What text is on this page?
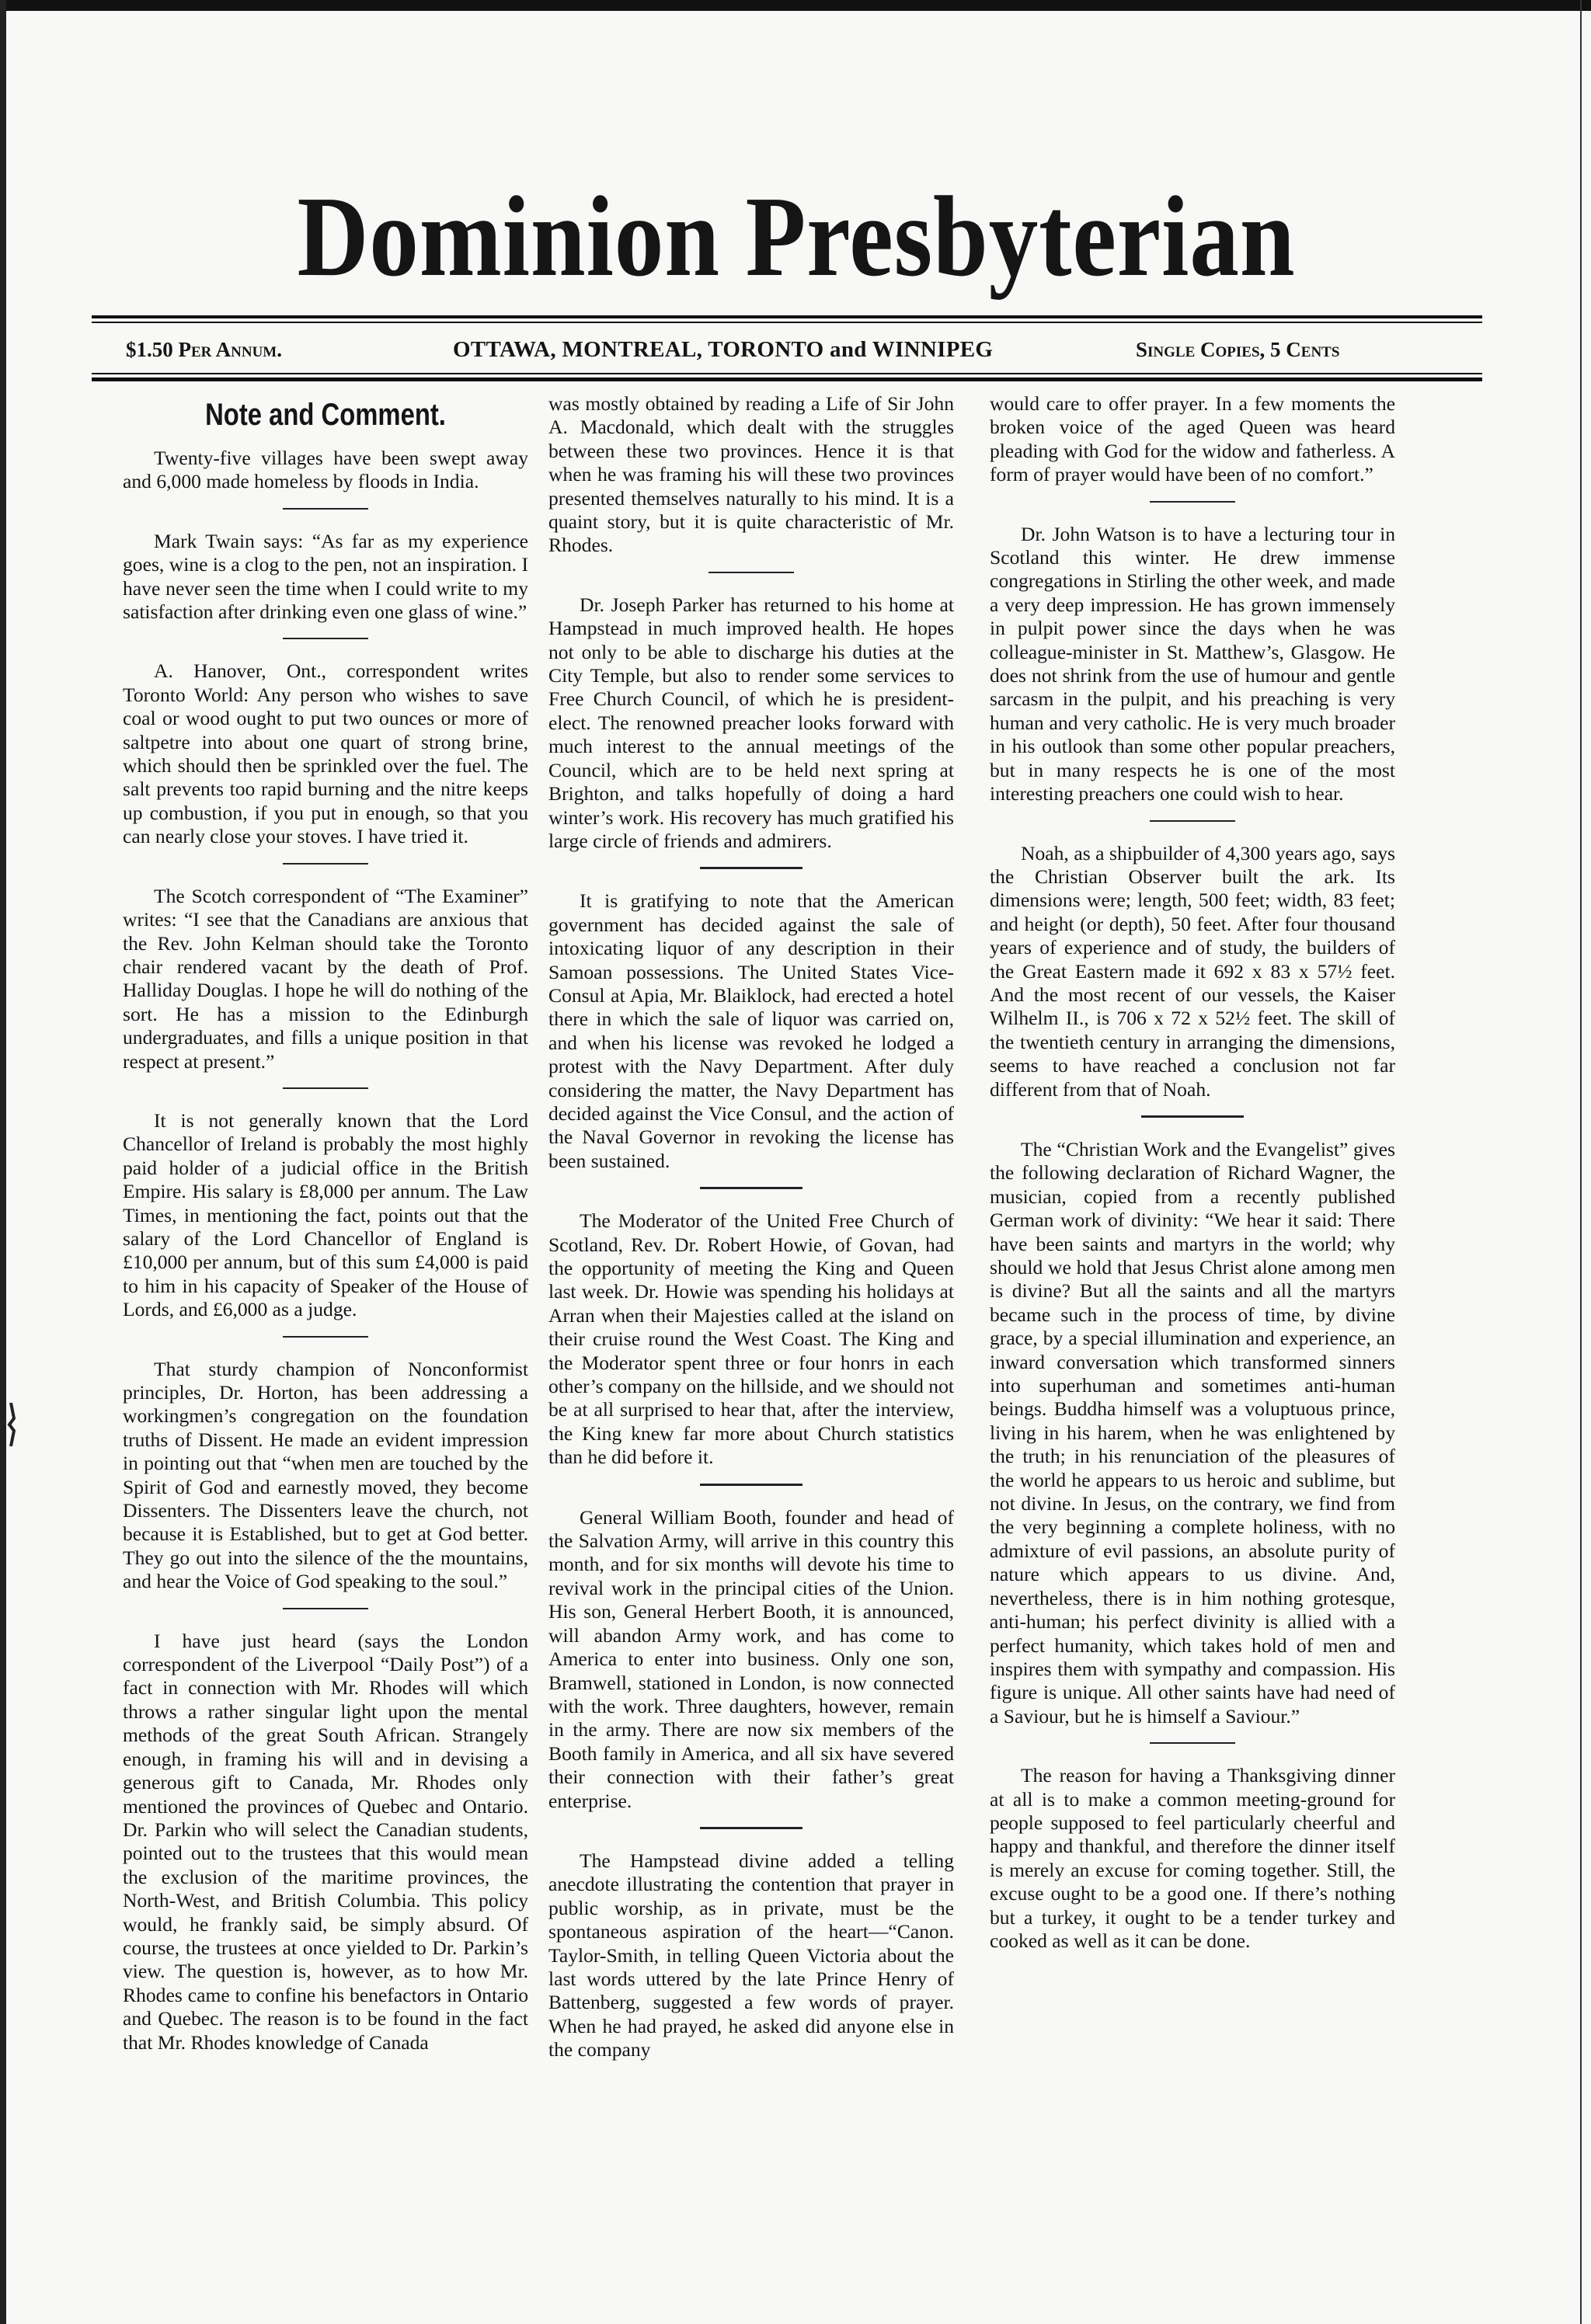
Dominion Presbyterian
$1.50 Per Annum.	OTTAWA, MONTREAL, TORONTO and WINNIPEG	Single Copies, 5 Cents
Note and Comment.
Twenty-five villages have been swept away and 6,000 made homeless by floods in India.
Mark Twain says: “As far as my experience goes, wine is a clog to the pen, not an inspiration. I have never seen the time when I could write to my satisfaction after drinking even one glass of wine.”
A. Hanover, Ont., correspondent writes Toronto World: Any person who wishes to save coal or wood ought to put two ounces or more of saltpetre into about one quart of strong brine, which should then be sprinkled over the fuel. The salt prevents too rapid burning and the nitre keeps up combustion, if you put in enough, so that you can nearly close your stoves. I have tried it.
The Scotch correspondent of “The Examiner” writes: “I see that the Canadians are anxious that the Rev. John Kelman should take the Toronto chair rendered vacant by the death of Prof. Halliday Douglas. I hope he will do nothing of the sort. He has a mission to the Edinburgh undergraduates, and fills a unique position in that respect at present.”
It is not generally known that the Lord Chancellor of Ireland is probably the most highly paid holder of a judicial office in the British Empire. His salary is £8,000 per annum. The Law Times, in mentioning the fact, points out that the salary of the Lord Chancellor of England is £10,000 per annum, but of this sum £4,000 is paid to him in his capacity of Speaker of the House of Lords, and £6,000 as a judge.
That sturdy champion of Nonconformist principles, Dr. Horton, has been addressing a workingmen’s congregation on the foundation truths of Dissent. He made an evident impression in pointing out that “when men are touched by the Spirit of God and earnestly moved, they become Dissenters. The Dissenters leave the church, not because it is Established, but to get at God better. They go out into the silence of the the mountains, and hear the Voice of God speaking to the soul.”
I have just heard (says the London correspondent of the Liverpool “Daily Post”) of a fact in connection with Mr. Rhodes will which throws a rather singular light upon the mental methods of the great South African. Strangely enough, in framing his will and in devising a generous gift to Canada, Mr. Rhodes only mentioned the provinces of Quebec and Ontario. Dr. Parkin who will select the Canadian students, pointed out to the trustees that this would mean the exclusion of the maritime provinces, the North-West, and British Columbia. This policy would, he frankly said, be simply absurd. Of course, the trustees at once yielded to Dr. Parkin’s view. The question is, however, as to how Mr. Rhodes came to confine his benefactors in Ontario and Quebec. The reason is to be found in the fact that Mr. Rhodes knowledge of Canada
was mostly obtained by reading a Life of Sir John A. Macdonald, which dealt with the struggles between these two provinces. Hence it is that when he was framing his will these two provinces presented themselves naturally to his mind. It is a quaint story, but it is quite characteristic of Mr. Rhodes.
Dr. Joseph Parker has returned to his home at Hampstead in much improved health. He hopes not only to be able to discharge his duties at the City Temple, but also to render some services to Free Church Council, of which he is president-elect. The renowned preacher looks forward with much interest to the annual meetings of the Council, which are to be held next spring at Brighton, and talks hopefully of doing a hard winter’s work. His recovery has much gratified his large circle of friends and admirers.
It is gratifying to note that the American government has decided against the sale of intoxicating liquor of any description in their Samoan possessions. The United States Vice-Consul at Apia, Mr. Blaiklock, had erected a hotel there in which the sale of liquor was carried on, and when his license was revoked he lodged a protest with the Navy Department. After duly considering the matter, the Navy Department has decided against the Vice Consul, and the action of the Naval Governor in revoking the license has been sustained.
The Moderator of the United Free Church of Scotland, Rev. Dr. Robert Howie, of Govan, had the opportunity of meeting the King and Queen last week. Dr. Howie was spending his holidays at Arran when their Majesties called at the island on their cruise round the West Coast. The King and the Moderator spent three or four honrs in each other’s company on the hillside, and we should not be at all surprised to hear that, after the interview, the King knew far more about Church statistics than he did before it.
General William Booth, founder and head of the Salvation Army, will arrive in this country this month, and for six months will devote his time to revival work in the principal cities of the Union. His son, General Herbert Booth, it is announced, will abandon Army work, and has come to America to enter into business. Only one son, Bramwell, stationed in London, is now connected with the work. Three daughters, however, remain in the army. There are now six members of the Booth family in America, and all six have severed their connection with their father’s great enterprise.
The Hampstead divine added a telling anecdote illustrating the contention that prayer in public worship, as in private, must be the spontaneous aspiration of the heart—“Canon. Taylor-Smith, in telling Queen Victoria about the last words uttered by the late Prince Henry of Battenberg, suggested a few words of prayer. When he had prayed, he asked did anyone else in the company
would care to offer prayer. In a few moments the broken voice of the aged Queen was heard pleading with God for the widow and fatherless. A form of prayer would have been of no comfort.”
Dr. John Watson is to have a lecturing tour in Scotland this winter. He drew immense congregations in Stirling the other week, and made a very deep impression. He has grown immensely in pulpit power since the days when he was colleague-minister in St. Matthew’s, Glasgow. He does not shrink from the use of humour and gentle sarcasm in the pulpit, and his preaching is very human and very catholic. He is very much broader in his outlook than some other popular preachers, but in many respects he is one of the most interesting preachers one could wish to hear.
Noah, as a shipbuilder of 4,300 years ago, says the Christian Observer built the ark. Its dimensions were; length, 500 feet; width, 83 feet; and height (or depth), 50 feet. After four thousand years of experience and of study, the builders of the Great Eastern made it 692 x 83 x 57½ feet. And the most recent of our vessels, the Kaiser Wilhelm II., is 706 x 72 x 52½ feet. The skill of the twentieth century in arranging the dimensions, seems to have reached a conclusion not far different from that of Noah.
The “Christian Work and the Evangelist” gives the following declaration of Richard Wagner, the musician, copied from a recently published German work of divinity: “We hear it said: There have been saints and martyrs in the world; why should we hold that Jesus Christ alone among men is divine? But all the saints and all the martyrs became such in the process of time, by divine grace, by a special illumination and experience, an inward conversation which transformed sinners into superhuman and sometimes anti-human beings. Buddha himself was a voluptuous prince, living in his harem, when he was enlightened by the truth; in his renunciation of the pleasures of the world he appears to us heroic and sublime, but not divine. In Jesus, on the contrary, we find from the very beginning a complete holiness, with no admixture of evil passions, an absolute purity of nature which appears to us divine. And, nevertheless, there is in him nothing grotesque, anti-human; his perfect divinity is allied with a perfect humanity, which takes hold of men and inspires them with sympathy and compassion. His figure is unique. All other saints have had need of a Saviour, but he is himself a Saviour.”
The reason for having a Thanksgiving dinner at all is to make a common meeting-ground for people supposed to feel particularly cheerful and happy and thankful, and therefore the dinner itself is merely an excuse for coming together. Still, the excuse ought to be a good one. If there’s nothing but a turkey, it ought to be a tender turkey and cooked as well as it can be done.
